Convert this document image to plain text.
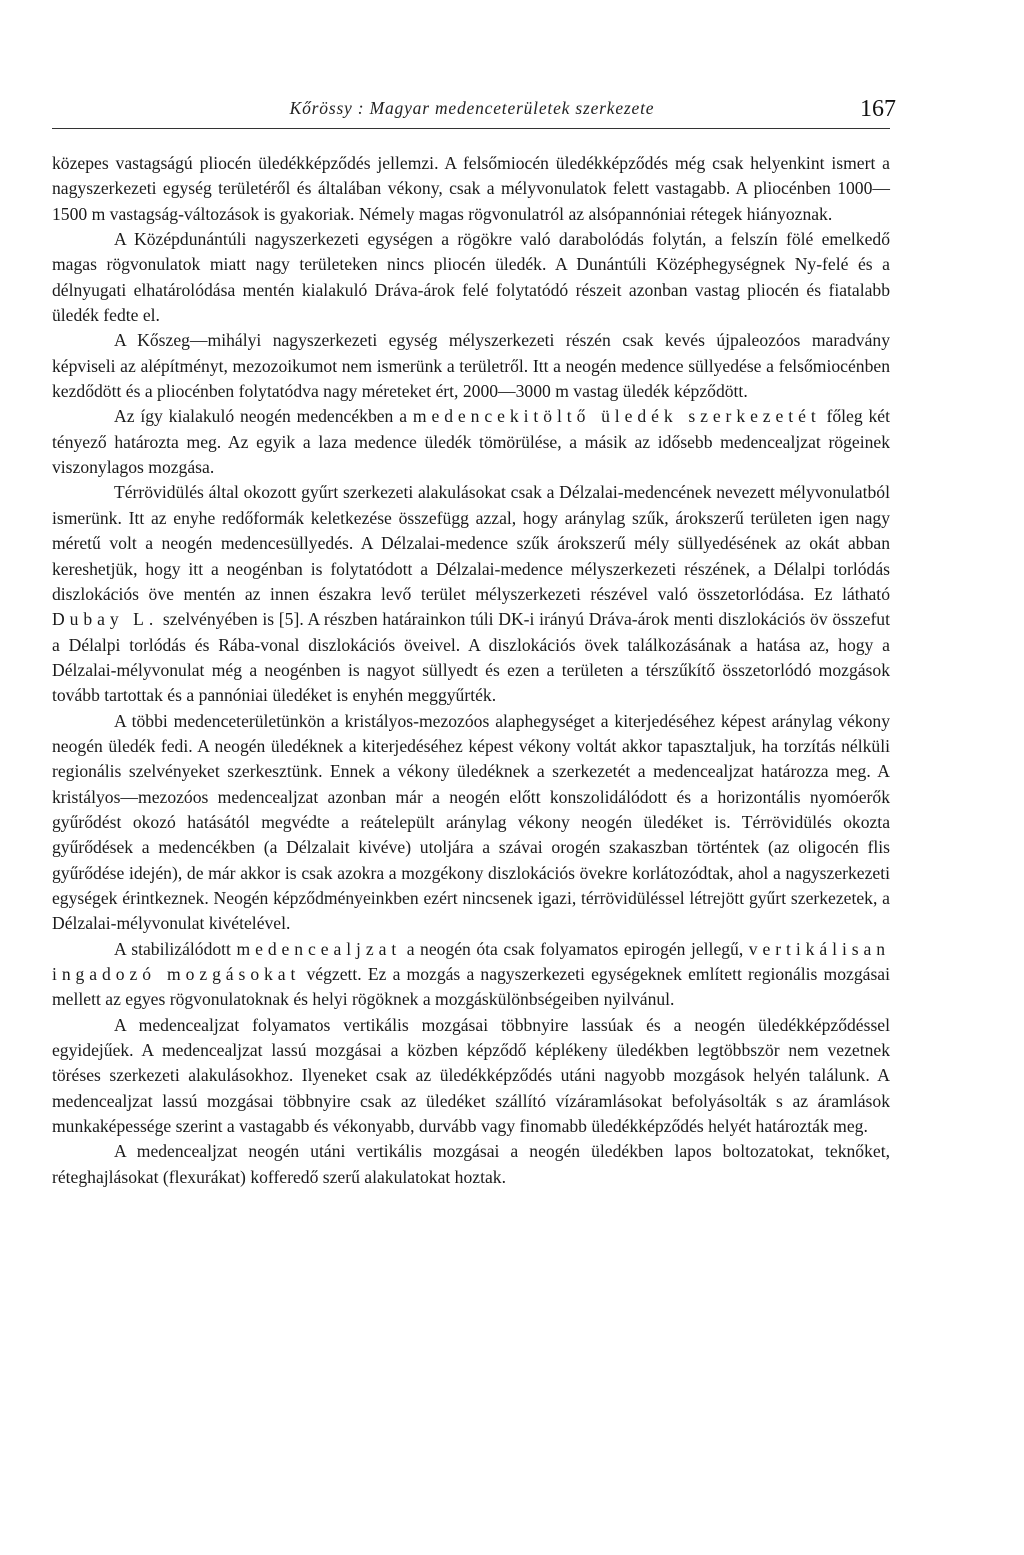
Kőrössy : Magyar medenceterületek szerkezete	167

közepes vastagságú pliocén üledékképződés jellemzi. A felsőmiocén üledékképződés még csak helyenkint ismert a nagyszerkezeti egység területéről és általában vékony, csak a mélyvonulatok felett vastagabb. A pliocénben 1000—1500 m vastagság-változások is gyakoriak. Némely magas rögvonulatról az alsópannóniai rétegek hiányoznak.

A Középdunántúli nagyszerkezeti egységen a rögökre való darabolódás folytán, a felszín fölé emelkedő magas rögvonulatok miatt nagy területeken nincs pliocén üledék. A Dunántúli Középhegységnek Ny-felé és a délnyugati elhatárolódása mentén kialakuló Dráva-árok felé folytatódó részeit azonban vastag pliocén és fiatalabb üledék fedte el.

A Kőszeg—mihályi nagyszerkezeti egység mélyszerkezeti részén csak kevés újpaleozóos maradvány képviseli az alépítményt, mezozoikumot nem ismerünk a területről. Itt a neogén medence süllyedése a felsőmiocénben kezdődött és a pliocénben folytatódva nagy méreteket ért, 2000—3000 m vastag üledék képződött.

Az így kialakuló neogén medencékben a medencekitöltő üledék szerkezetét főleg két tényező határozta meg. Az egyik a laza medence üledék tömörülése, a másik az idősebb medencealjzat rögeinek viszonylagos mozgása.

Térrövidülés által okozott gyűrt szerkezeti alakulásokat csak a Délzalai-medencének nevezett mélyvonulatból ismerünk. Itt az enyhe redőformák keletkezése összefügg azzal, hogy aránylag szűk, árokszerű területen igen nagy méretű volt a neogén medencesüllyedés. A Délzalai-medence szűk árokszerű mély süllyedésének az okát abban kereshetjük, hogy itt a neogénban is folytatódott a Délzalai-medence mélyszerkezeti részének, a Délalpi torlódás diszlokációs öve mentén az innen északra levő terület mélyszerkezeti részével való összetorlódása. Ez látható Dubay L. szelvényében is [5]. A részben határainkon túli DK-i irányú Dráva-árok menti diszlokációs öv összefut a Délalpi torlódás és Rába-vonal diszlokációs öveivel. A diszlokációs övek találkozásának a hatása az, hogy a Délzalai-mélyvonulat még a neogénben is nagyot süllyedt és ezen a területen a térszűkítő összetorlódó mozgások tovább tartottak és a pannóniai üledéket is enyhén meggyűrték.

A többi medenceterületünkön a kristályos-mezozóos alaphegységet a kiterjedéséhez képest aránylag vékony neogén üledék fedi. A neogén üledéknek a kiterjedéséhez képest vékony voltát akkor tapasztaljuk, ha torzítás nélküli regionális szelvényeket szerkesztünk. Ennek a vékony üledéknek a szerkezetét a medencealjzat határozza meg. A kristályos—mezozóos medencealjzat azonban már a neogén előtt konszolidálódott és a horizontális nyomóerők gyűrődést okozó hatásától megvédte a reátelepült aránylag vékony neogén üledéket is. Térrövidülés okozta gyűrődések a medencékben (a Délzalait kivéve) utoljára a szávai orogén szakaszban történtek (az oligocén flis gyűrődése idején), de már akkor is csak azokra a mozgékony diszlokációs övekre korlátozódtak, ahol a nagyszerkezeti egységek érintkeznek. Neogén képződményeinkben ezért nincsenek igazi, térrövidüléssel létrejött gyűrt szerkezetek, a Délzalai-mélyvonulat kivételével.

A stabilizálódott medencealjzat a neogén óta csak folyamatos epirogén jellegű, vertikálisan ingadozó mozgásokat végzett. Ez a mozgás a nagyszerkezeti egységeknek említett regionális mozgásai mellett az egyes rögvonulatoknak és helyi rögöknek a mozgáskülönbségeiben nyilvánul.

A medencealjzat folyamatos vertikális mozgásai többnyire lassúak és a neogén üledékképződéssel egyidejűek. A medencealjzat lassú mozgásai a közben képződő képlékeny üledékben legtöbbször nem vezetnek töréses szerkezeti alakulásokhoz. Ilyeneket csak az üledékképződés utáni nagyobb mozgások helyén találunk. A medencealjzat lassú mozgásai többnyire csak az üledéket szállító vízáramlásokat befolyásolták s az áramlások munkaképessége szerint a vastagabb és vékonyabb, durvább vagy finomabb üledékképződés helyét határozták meg.

A medencealjzat neogén utáni vertikális mozgásai a neogén üledékben lapos boltozatokat, teknőket, réteghajlásokat (flexurákat) kofferedő szerű alakulatokat hoztak.
